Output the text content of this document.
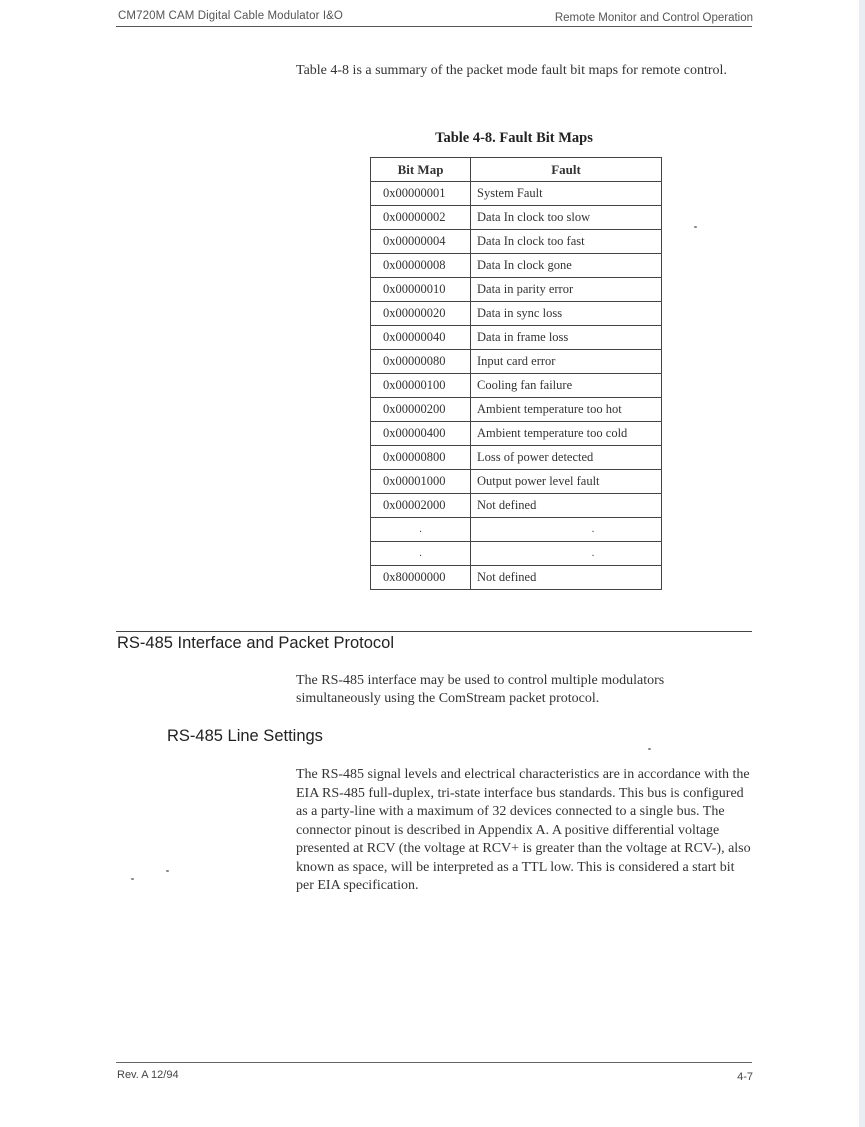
CM720M CAM Digital Cable Modulator I&O	Remote Monitor and Control Operation
Table 4-8 is a summary of the packet mode fault bit maps for remote control.
Table 4-8. Fault Bit Maps
Bit Map	Fault
0x00000001	System Fault
0x00000002	Data In clock too slow
0x00000004	Data In clock too fast
0x00000008	Data In clock gone
0x00000010	Data in parity error
0x00000020	Data in sync loss
0x00000040	Data in frame loss
0x00000080	Input card error
0x00000100	Cooling fan failure
0x00000200	Ambient temperature too hot
0x00000400	Ambient temperature too cold
0x00000800	Loss of power detected
0x00001000	Output power level fault
0x00002000	Not defined
.	.
.	.
0x80000000	Not defined
RS-485 Interface and Packet Protocol
The RS-485 interface may be used to control multiple modulators simultaneously using the ComStream packet protocol.
RS-485 Line Settings
The RS-485 signal levels and electrical characteristics are in accordance with the EIA RS-485 full-duplex, tri-state interface bus standards. This bus is configured as a party-line with a maximum of 32 devices connected to a single bus. The connector pinout is described in Appendix A. A positive differential voltage presented at RCV (the voltage at RCV+ is greater than the voltage at RCV-), also known as space, will be interpreted as a TTL low. This is considered a start bit per EIA specification.
Rev. A 12/94	4-7
